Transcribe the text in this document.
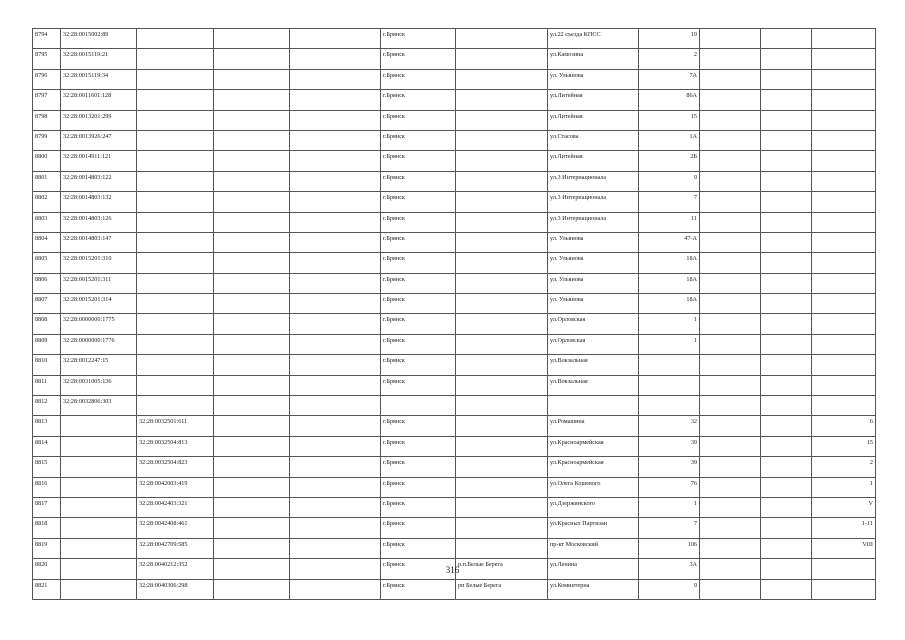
8794	32:28:0015002:89				г.Брянск		ул.22 съезда КПСС	19			
8795	32:28:0015119:21				г.Брянск		ул.Камозина	2			
8796	32:28:0015119:34				г.Брянск		ул. Ульянова	7А			
8797	32:28:0011601:128				г.Брянск		ул.Литейная	86А			
8798	32:28:0013201:299				г.Брянск		ул.Литейная	15			
8799	32:28:0013926:247				г.Брянск		ул.Стасова	1А			
8800	32:28:0014911:121				г.Брянск		ул.Литейная	2Б			
8801	32:28:0014803:122				г.Брянск		ул.3 Интернационала	9			
8802	32:28:0014803:132				г.Брянск		ул.3 Интернационала	7			
8803	32:28:0014803:126				г.Брянск		ул.3 Интернационала	11			
8804	32:28:0014803:147				г.Брянск		ул. Ульянова	47-А			
8805	32:28:0015201:310				г.Брянск		ул. Ульянова	18А			
8806	32:28:0015201:311				г.Брянск		ул. Ульянова	18А			
8807	32:28:0015201:314				г.Брянск		ул. Ульянова	18А			
8808	32:28:0000000:1775				г.Брянск		ул.Орловская	1			
8809	32:28:0000000:1776				г.Брянск		ул.Орловская	1			
8810	32:28:0012247:15				г.Брянск		ул.Вокзальная				
8811	32:28:0031005:136				г.Брянск		ул.Вокзальная				
8812	32:28:0032806:303										
8813		32:28:0032501:611			г.Брянск		ул.Ромашина	32			6
8814		32:28:0032504:813			г.Брянск		ул.Красноармейская	39			15
8815		32:28:0032504:823			г.Брянск		ул.Красноармейская	39			2
8816		32:28:0042003:419			г.Брянск		ул.Олега Кошевого	76			1
8817		32:28:0042403:321			г.Брянск		ул.Дзержинского	1			V
8818		32:28:0042408:461			г.Брянск		ул.Красных Партизан	7			1-11
8819		32:28:0042709:585			г.Брянск		пр-кт Московский	106			VIII
8820		32:28:0040212:352			г.Брянск	р.п.Белые Берега	ул.Ленина	3А			
8821		32:28:0040306:298			г.Брянск	рп Белые Берега	ул.Коминтерна	9			
316
